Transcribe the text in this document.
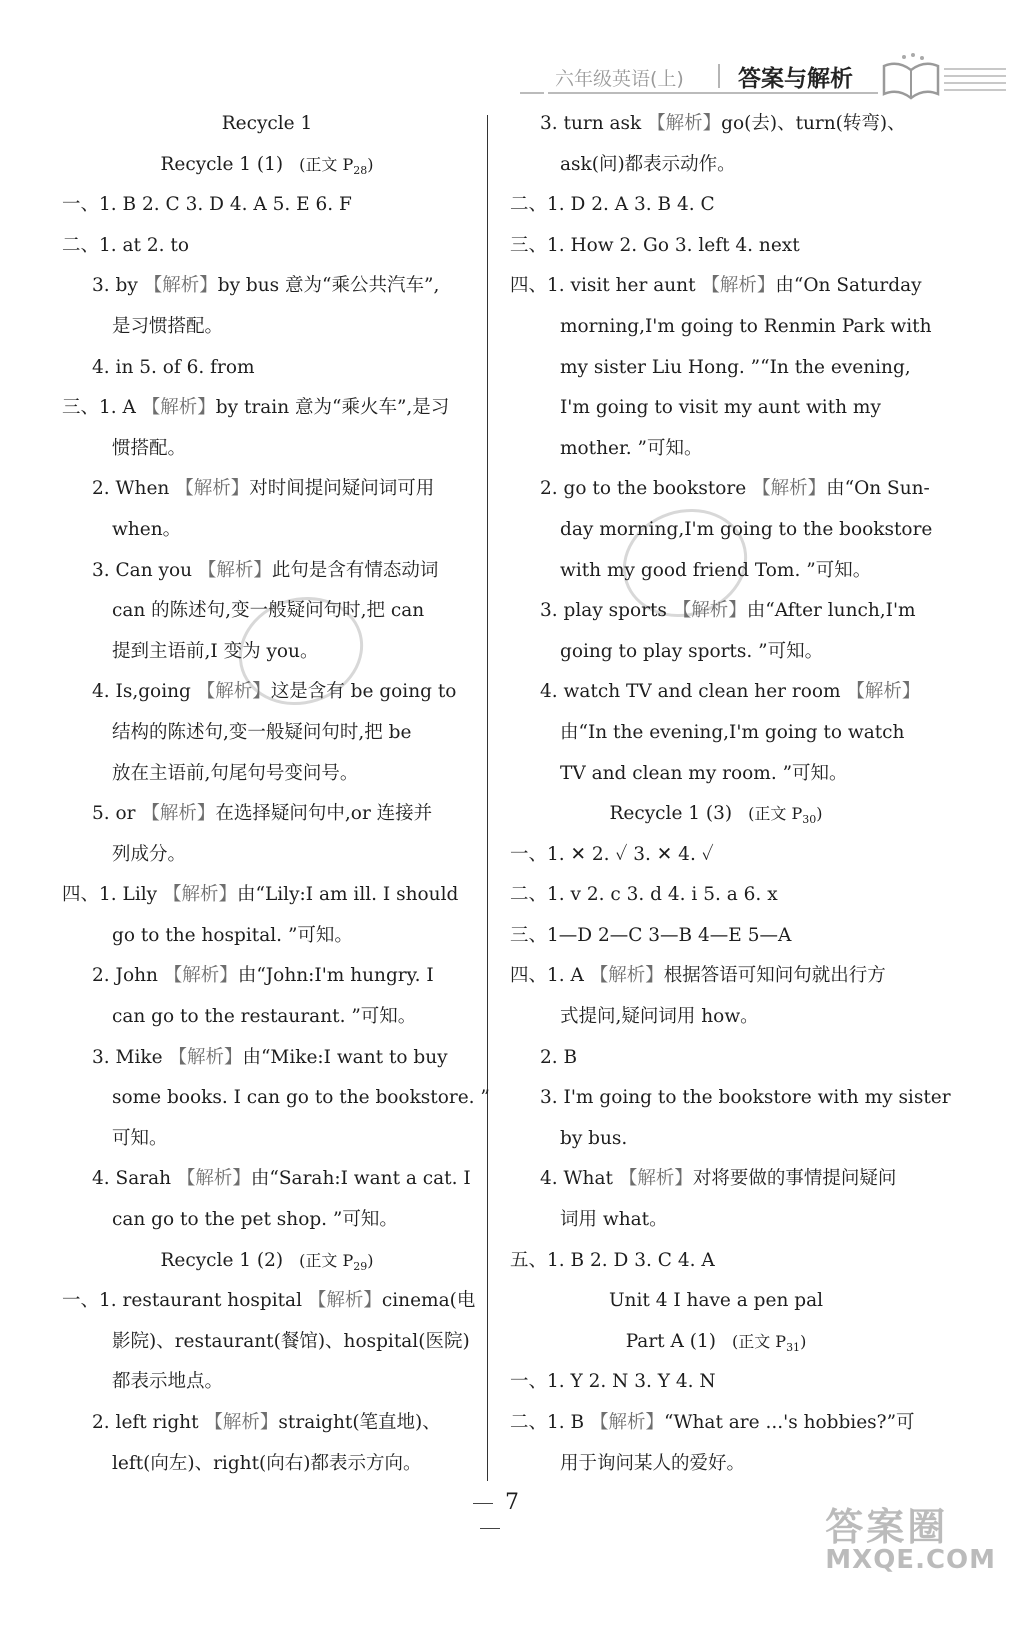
六年级英语(上) 答案与解析
Recycle 1
Recycle 1 (1) (正文 $P_{28}$)
一、1. B 2. C 3. D 4. A 5. E 6. F
二、1. at 2. to
3. by 【解析】by bus 意为“乘公共汽车”,
是习惯搭配。
4. in 5. of 6. from
三、1. A 【解析】by train 意为“乘火车”,是习
惯搭配。
2. When 【解析】对时间提问疑问词可用
when。
3. Can you 【解析】此句是含有情态动词
can 的陈述句,变一般疑问句时,把 can
提到主语前,I 变为 you。
4. Is,going 【解析】这是含有 be going to
结构的陈述句,变一般疑问句时,把 be
放在主语前,句尾句号变问号。
5. or 【解析】在选择疑问句中,or 连接并
列成分。
四、1. Lily 【解析】由“Lily:I am ill. I should
go to the hospital. ”可知。
2. John 【解析】由“John:I'm hungry. I
can go to the restaurant. ”可知。
3. Mike 【解析】由“Mike:I want to buy
some books. I can go to the bookstore. ”
可知。
4. Sarah 【解析】由“Sarah:I want a cat. I
can go to the pet shop. ”可知。
Recycle 1 (2) (正文 $P_{29}$)
一、1. restaurant hospital 【解析】cinema(电
影院)、restaurant(餐馆)、hospital(医院)
都表示地点。
2. left right 【解析】straight(笔直地)、
left(向左)、right(向右)都表示方向。
3. turn ask 【解析】go(去)、turn(转弯)、
ask(问)都表示动作。
二、1. D 2. A 3. B 4. C
三、1. How 2. Go 3. left 4. next
四、1. visit her aunt 【解析】由“On Saturday
morning,I'm going to Renmin Park with
my sister Liu Hong. ”“In the evening,
I'm going to visit my aunt with my
mother. ”可知。
2. go to the bookstore 【解析】由“On Sun-
day morning,I'm going to the bookstore
with my good friend Tom. ”可知。
3. play sports 【解析】由“After lunch,I'm
going to play sports. ”可知。
4. watch TV and clean her room 【解析】
由“In the evening,I'm going to watch
TV and clean my room. ”可知。
Recycle 1 (3) (正文 $P_{30}$)
一、1. ✕ 2. ✓ 3. ✕ 4. ✓
二、1. v 2. c 3. d 4. i 5. a 6. x
三、1—D 2—C 3—B 4—E 5—A
四、1. A 【解析】根据答语可知问句就出行方
式提问,疑问词用 how。
2. B
3. I'm going to the bookstore with my sister
by bus.
4. What 【解析】对将要做的事情提问疑问
词用 what。
五、1. B 2. D 3. C 4. A
Unit 4 I have a pen pal
Part A (1) (正文 $P_{31}$)
一、1. Y 2. N 3. Y 4. N
二、1. B 【解析】“What are ...'s hobbies?”可
用于询问某人的爱好。
7
答案圈
MXQE.COM
